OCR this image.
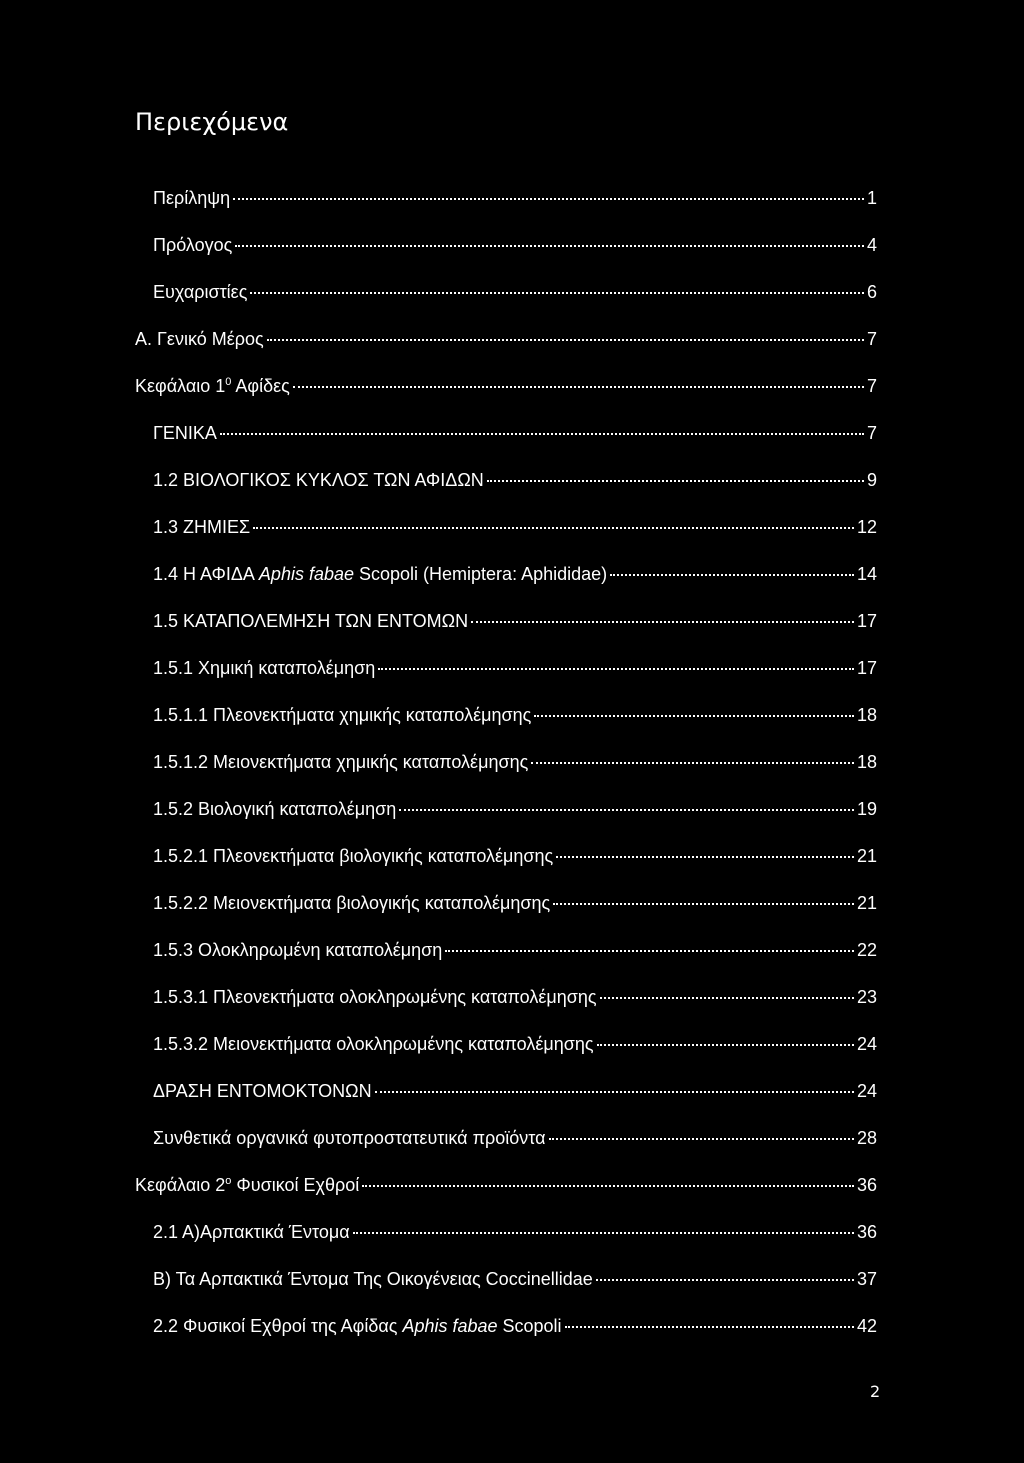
Περιεχόμενα
Περίληψη	1
Πρόλογος	4
Ευχαριστίες	6
Α. Γενικό Μέρος	7
Κεφάλαιο $1^0$ Αφίδες	7
ΓΕΝΙΚΑ	7
1.2 ΒΙΟΛΟΓΙΚΟΣ ΚΥΚΛΟΣ ΤΩΝ ΑΦΙΔΩΝ	9
1.3 ΖΗΜΙΕΣ	12
1.4 Η ΑΦΙΔΑ Aphis fabae Scopoli (Hemiptera: Aphididae)	14
1.5 ΚΑΤΑΠΟΛΕΜΗΣΗ ΤΩΝ ΕΝΤΟΜΩΝ	17
1.5.1 Χημική καταπολέμηση	17
1.5.1.1 Πλεονεκτήματα χημικής καταπολέμησης	18
1.5.1.2 Μειονεκτήματα χημικής καταπολέμησης	18
1.5.2 Βιολογική καταπολέμηση	19
1.5.2.1 Πλεονεκτήματα βιολογικής καταπολέμησης	21
1.5.2.2 Μειονεκτήματα βιολογικής καταπολέμησης	21
1.5.3 Ολοκληρωμένη καταπολέμηση	22
1.5.3.1 Πλεονεκτήματα ολοκληρωμένης καταπολέμησης	23
1.5.3.2 Μειονεκτήματα ολοκληρωμένης καταπολέμησης	24
ΔΡΑΣΗ ΕΝΤΟΜΟΚΤΟΝΩΝ	24
Συνθετικά οργανικά φυτοπροστατευτικά προϊόντα	28
Κεφάλαιο $2^o$ Φυσικοί Εχθροί	36
2.1 Α)Αρπακτικά Έντομα	36
Β) Τα Αρπακτικά Έντομα Της Οικογένειας Coccinellidae	37
2.2 Φυσικοί Εχθροί της Αφίδας Aphis fabae Scopoli	42
2
